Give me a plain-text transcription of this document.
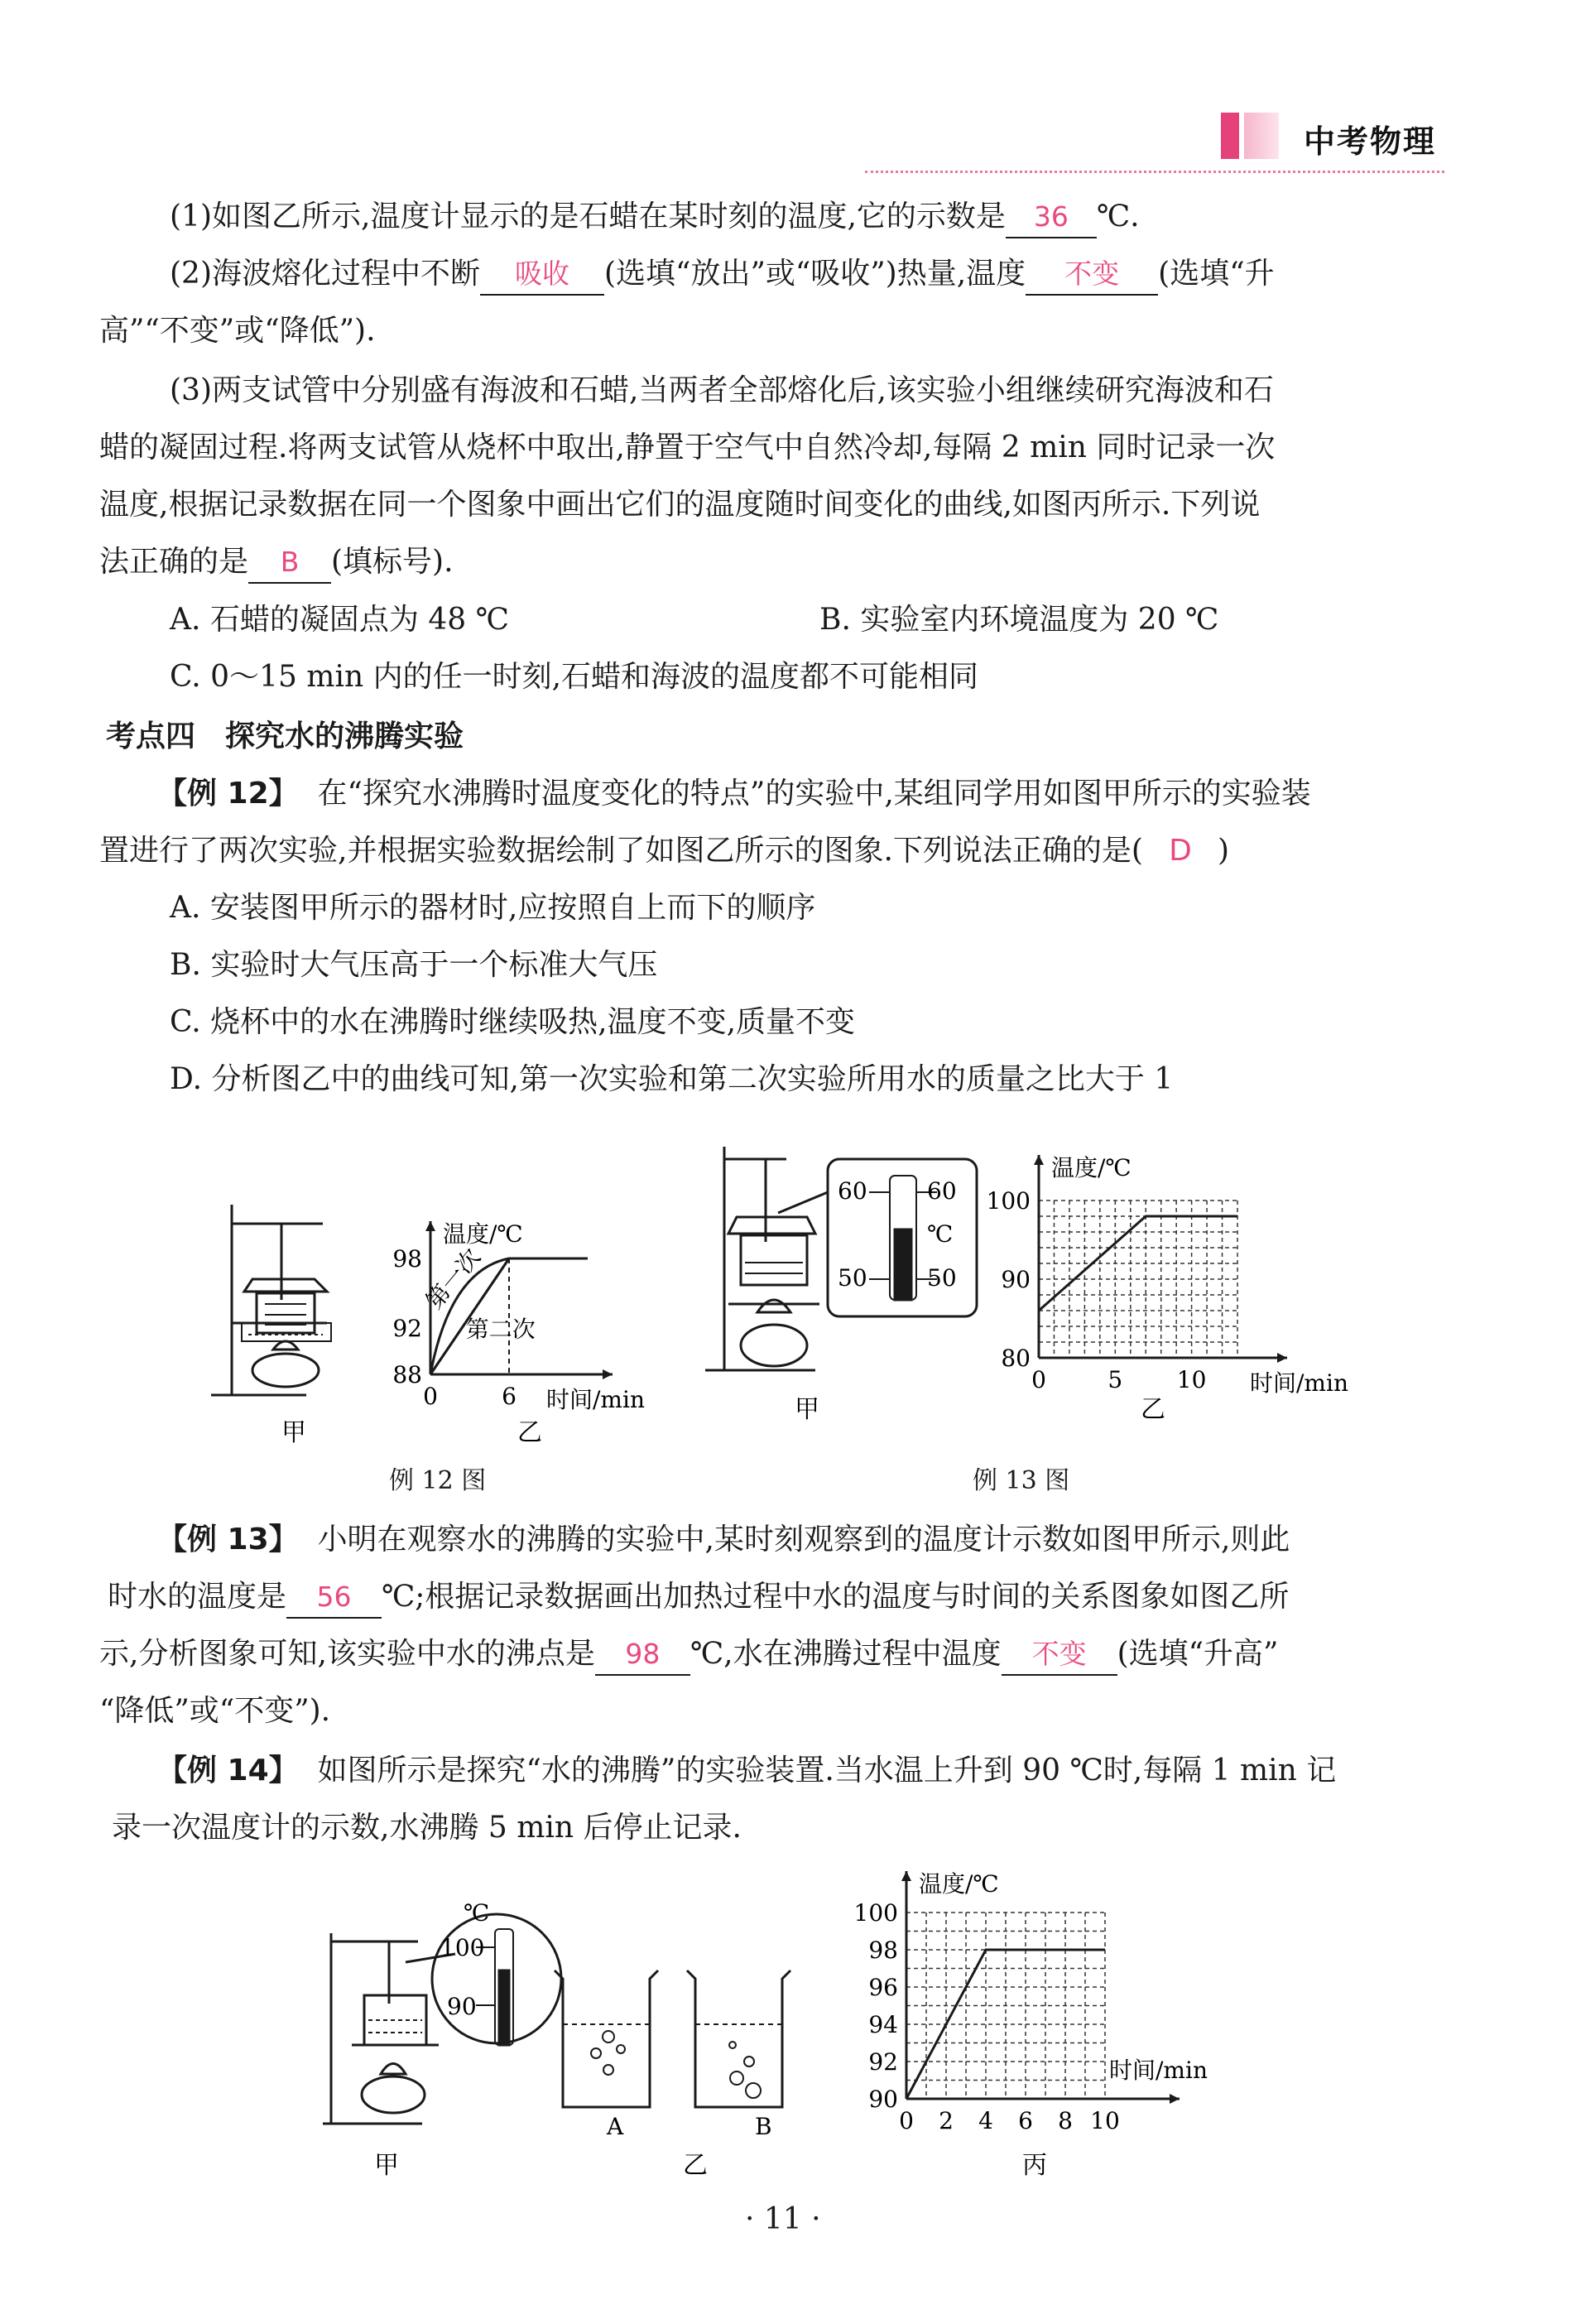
中考物理
(1)如图乙所示,温度计显示的是石蜡在某时刻的温度,它的示数是 36 ℃.
(2)海波熔化过程中不断 吸收 (选填“放出”或“吸收”)热量,温度 不变 (选填“升
高”“不变”或“降低”).
(3)两支试管中分别盛有海波和石蜡,当两者全部熔化后,该实验小组继续研究海波和石
蜡的凝固过程.将两支试管从烧杯中取出,静置于空气中自然冷却,每隔 2 min 同时记录一次
温度,根据记录数据在同一个图象中画出它们的温度随时间变化的曲线,如图丙所示.下列说
法正确的是 B (填标号).
A. 石蜡的凝固点为 48 ℃	B. 实验室内环境温度为 20 ℃
C. 0～15 min 内的任一时刻,石蜡和海波的温度都不可能相同
考点四　探究水的沸腾实验
【例 12】 在“探究水沸腾时温度变化的特点”的实验中,某组同学用如图甲所示的实验装
置进行了两次实验,并根据实验数据绘制了如图乙所示的图象.下列说法正确的是( D )
A. 安装图甲所示的器材时,应按照自上而下的顺序
B. 实验时大气压高于一个标准大气压
C. 烧杯中的水在沸腾时继续吸热,温度不变,质量不变
D. 分析图乙中的曲线可知,第一次实验和第二次实验所用水的质量之比大于 1
98
92
88
0	6
温度/℃
时间/min
第一次
第二次
100
90
80
0	5 10
温度/℃
时间/min
100
98
96
94
92
90
0 2 4 6 8 10
温度/℃
时间/min
甲	乙
甲	乙
60	60
℃
50	50
甲	乙
A	B
丙
℃
100
90
例 12 图	例 13 图
【例 13】 小明在观察水的沸腾的实验中,某时刻观察到的温度计示数如图甲所示,则此
时水的温度是 56 ℃;根据记录数据画出加热过程中水的温度与时间的关系图象如图乙所
示,分析图象可知,该实验中水的沸点是 98 ℃,水在沸腾过程中温度 不变 (选填“升高”
“降低”或“不变”).
【例 14】 如图所示是探究“水的沸腾”的实验装置.当水温上升到 90 ℃时,每隔 1 min 记
录一次温度计的示数,水沸腾 5 min 后停止记录.
· 11 ·
